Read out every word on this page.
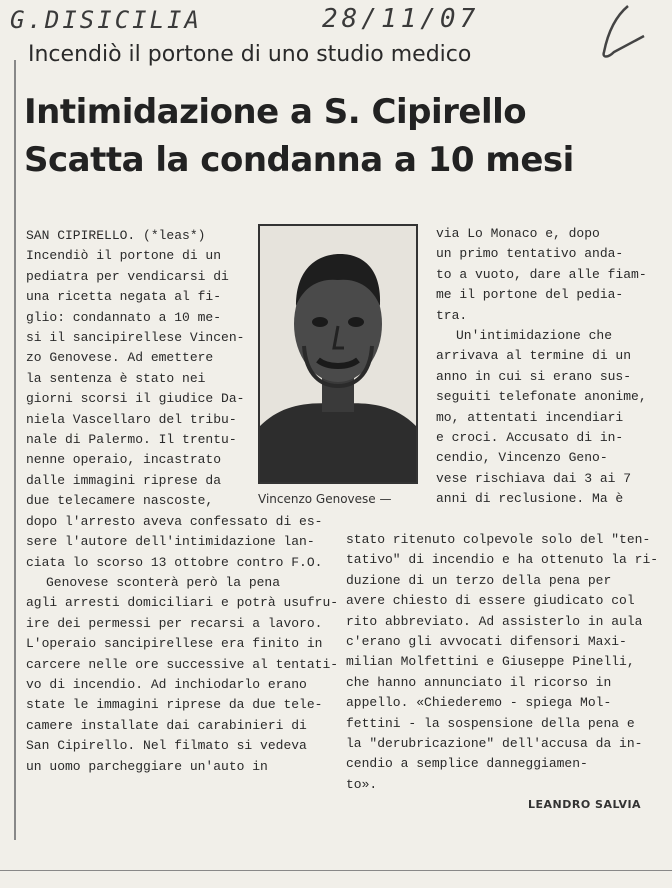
G.DISICILIA	28/11/07
Incendiò il portone di uno studio medico
Intimidazione a S. Cipirello
Scatta la condanna a 10 mesi
SAN CIPIRELLO. (*leas*)
Incendiò il portone di un
pediatra per vendicarsi di
una ricetta negata al fi-
glio: condannato a 10 me-
si il sancipirellese Vincen-
zo Genovese. Ad emettere
la sentenza è stato nei
giorni scorsi il giudice Da-
niela Vascellaro del tribu-
nale di Palermo. Il trentu-
nenne operaio, incastrato
dalle immagini riprese da
due telecamere nascoste,
dopo l'arresto aveva confessato di es-
sere l'autore dell'intimidazione lan-
ciata lo scorso 13 ottobre contro F.O.
Genovese sconterà però la pena
agli arresti domiciliari e potrà usufru-
ire dei permessi per recarsi a lavoro.
L'operaio sancipirellese era finito in
carcere nelle ore successive al tentati-
vo di incendio. Ad inchiodarlo erano
state le immagini riprese da due tele-
camere installate dai carabinieri di
San Cipirello. Nel filmato si vedeva
un uomo parcheggiare un'auto in
Vincenzo Genovese —
via Lo Monaco e, dopo
un primo tentativo anda-
to a vuoto, dare alle fiam-
me il portone del pedia-
tra.
Un'intimidazione che
arrivava al termine di un
anno in cui si erano sus-
seguiti telefonate anonime,
mo, attentati incendiari
e croci. Accusato di in-
cendio, Vincenzo Geno-
vese rischiava dai 3 ai 7
anni di reclusione. Ma è
stato ritenuto colpevole solo del "ten-
tativo" di incendio e ha ottenuto la ri-
duzione di un terzo della pena per
avere chiesto di essere giudicato col
rito abbreviato. Ad assisterlo in aula
c'erano gli avvocati difensori Maxi-
milian Molfettini e Giuseppe Pinelli,
che hanno annunciato il ricorso in
appello. «Chiederemo - spiega Mol-
fettini - la sospensione della pena e
la "derubricazione" dell'accusa da in-
cendio a semplice danneggiamen-
to».
LEANDRO SALVIA
